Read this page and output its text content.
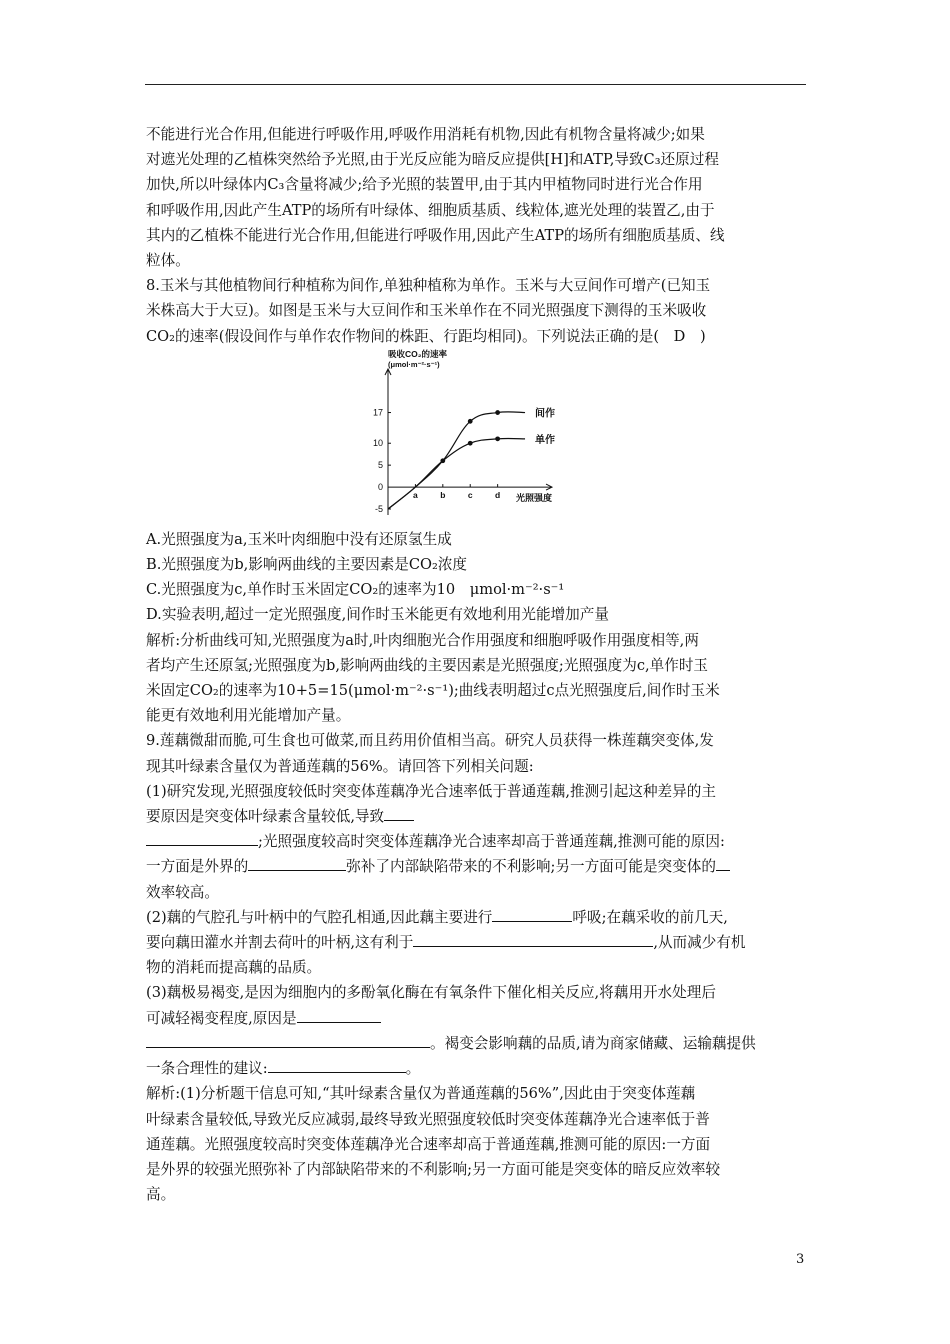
不能进行光合作用,但能进行呼吸作用,呼吸作用消耗有机物,因此有机物含量将减少;如果

对遮光处理的乙植株突然给予光照,由于光反应能为暗反应提供[H]和ATP,导致C₃还原过程

加快,所以叶绿体内C₃含量将减少;给予光照的装置甲,由于其内甲植物同时进行光合作用

和呼吸作用,因此产生ATP的场所有叶绿体、细胞质基质、线粒体,遮光处理的装置乙,由于

其内的乙植株不能进行光合作用,但能进行呼吸作用,因此产生ATP的场所有细胞质基质、线

粒体。

8.玉米与其他植物间行种植称为间作,单独种植称为单作。玉米与大豆间作可增产(已知玉

米株高大于大豆)。如图是玉米与大豆间作和玉米单作在不同光照强度下测得的玉米吸收

CO₂的速率(假设间作与单作农作物间的株距、行距均相同)。下列说法正确的是(　D　)

吸收CO₂的速率
(μmol·m⁻²·s⁻¹)
光照强度
17
10
5
0
-5
a	b	c	d
间作
单作

A.光照强度为a,玉米叶肉细胞中没有还原氢生成

B.光照强度为b,影响两曲线的主要因素是CO₂浓度

C.光照强度为c,单作时玉米固定CO₂的速率为10　μmol·m⁻²·s⁻¹

D.实验表明,超过一定光照强度,间作时玉米能更有效地利用光能增加产量

解析:分析曲线可知,光照强度为a时,叶肉细胞光合作用强度和细胞呼吸作用强度相等,两

者均产生还原氢;光照强度为b,影响两曲线的主要因素是光照强度;光照强度为c,单作时玉

米固定CO₂的速率为10+5=15(μmol·m⁻²·s⁻¹);曲线表明超过c点光照强度后,间作时玉米

能更有效地利用光能增加产量。

9.莲藕微甜而脆,可生食也可做菜,而且药用价值相当高。研究人员获得一株莲藕突变体,发

现其叶绿素含量仅为普通莲藕的56%。请回答下列相关问题:

(1)研究发现,光照强度较低时突变体莲藕净光合速率低于普通莲藕,推测引起这种差异的主

要原因是突变体叶绿素含量较低,导致

;光照强度较高时突变体莲藕净光合速率却高于普通莲藕,推测可能的原因:

一方面是外界的	弥补了内部缺陷带来的不利影响;另一方面可能是突变体的

效率较高。

(2)藕的气腔孔与叶柄中的气腔孔相通,因此藕主要进行	呼吸;在藕采收的前几天,

要向藕田灌水并割去荷叶的叶柄,这有利于	,从而减少有机

物的消耗而提高藕的品质。

(3)藕极易褐变,是因为细胞内的多酚氧化酶在有氧条件下催化相关反应,将藕用开水处理后

可减轻褐变程度,原因是

。褐变会影响藕的品质,请为商家储藏、运输藕提供

一条合理性的建议:	。

解析:(1)分析题干信息可知,“其叶绿素含量仅为普通莲藕的56%”,因此由于突变体莲藕

叶绿素含量较低,导致光反应减弱,最终导致光照强度较低时突变体莲藕净光合速率低于普

通莲藕。光照强度较高时突变体莲藕净光合速率却高于普通莲藕,推测可能的原因:一方面

是外界的较强光照弥补了内部缺陷带来的不利影响;另一方面可能是突变体的暗反应效率较

高。

3
